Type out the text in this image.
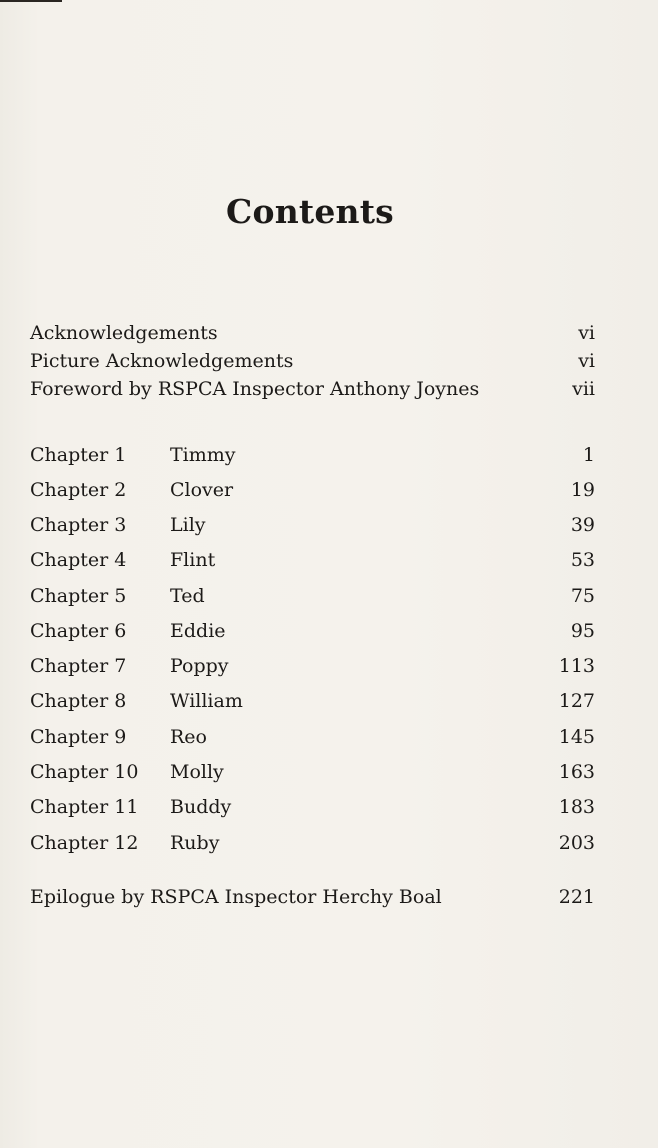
Contents
Acknowledgements	vi
Picture Acknowledgements	vi
Foreword by RSPCA Inspector Anthony Joynes	vii
Chapter 1 Timmy	1
Chapter 2 Clover	19
Chapter 3 Lily	39
Chapter 4 Flint	53
Chapter 5 Ted	75
Chapter 6 Eddie	95
Chapter 7 Poppy	113
Chapter 8 William	127
Chapter 9 Reo	145
Chapter 10 Molly	163
Chapter 11 Buddy	183
Chapter 12 Ruby	203
Epilogue by RSPCA Inspector Herchy Boal	221
